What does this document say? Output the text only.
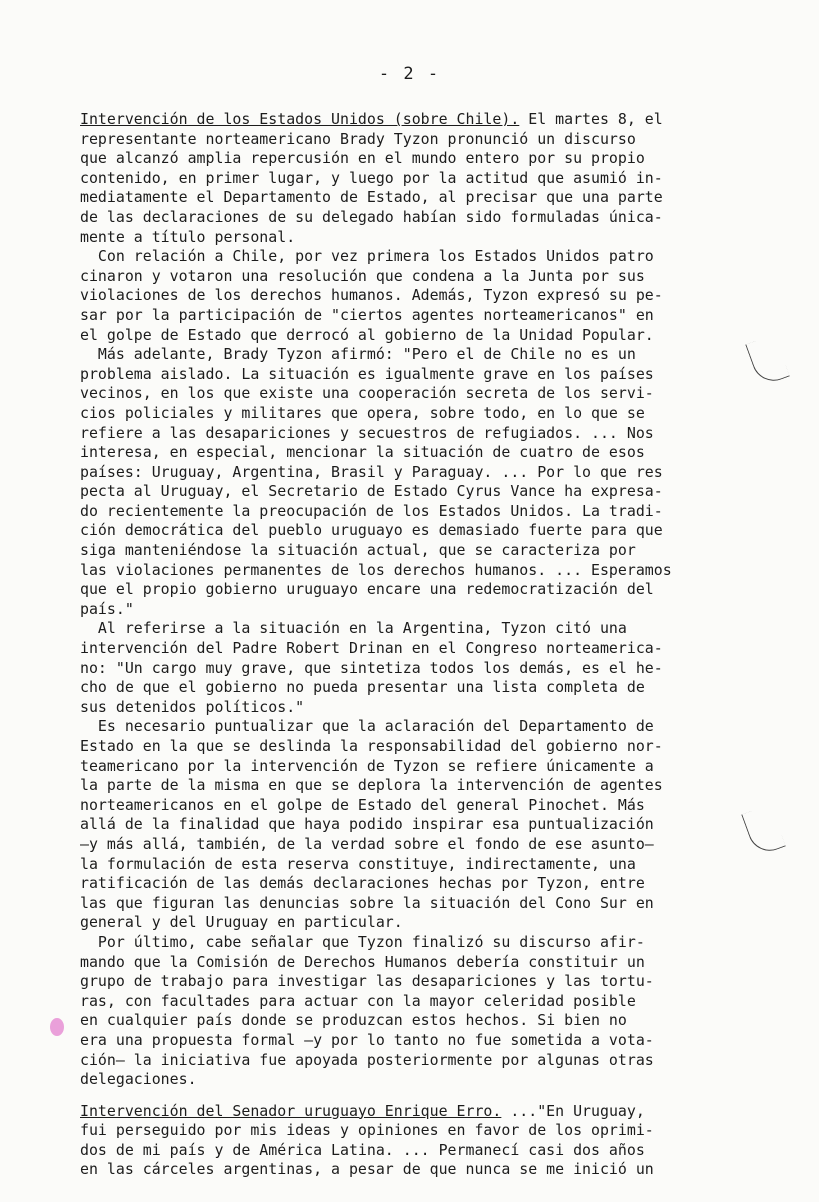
- 2 -
Intervención de los Estados Unidos (sobre Chile). El martes 8, el
representante norteamericano Brady Tyzon pronunció un discurso
que alcanzó amplia repercusión en el mundo entero por su propio
contenido, en primer lugar, y luego por la actitud que asumió in-
mediatamente el Departamento de Estado, al precisar que una parte
de las declaraciones de su delegado habían sido formuladas única-
mente a título personal.
Con relación a Chile, por vez primera los Estados Unidos patro
cinaron y votaron una resolución que condena a la Junta por sus
violaciones de los derechos humanos. Además, Tyzon expresó su pe-
sar por la participación de "ciertos agentes norteamericanos" en
el golpe de Estado que derrocó al gobierno de la Unidad Popular.
Más adelante, Brady Tyzon afirmó: "Pero el de Chile no es un
problema aislado. La situación es igualmente grave en los países
vecinos, en los que existe una cooperación secreta de los servi-
cios policiales y militares que opera, sobre todo, en lo que se
refiere a las desapariciones y secuestros de refugiados. ... Nos
interesa, en especial, mencionar la situación de cuatro de esos
países: Uruguay, Argentina, Brasil y Paraguay. ... Por lo que res
pecta al Uruguay, el Secretario de Estado Cyrus Vance ha expresa-
do recientemente la preocupación de los Estados Unidos. La tradi-
ción democrática del pueblo uruguayo es demasiado fuerte para que
siga manteniéndose la situación actual, que se caracteriza por
las violaciones permanentes de los derechos humanos. ... Esperamos
que el propio gobierno uruguayo encare una redemocratización del
país."
Al referirse a la situación en la Argentina, Tyzon citó una
intervención del Padre Robert Drinan en el Congreso norteamerica-
no: "Un cargo muy grave, que sintetiza todos los demás, es el he-
cho de que el gobierno no pueda presentar una lista completa de
sus detenidos políticos."
Es necesario puntualizar que la aclaración del Departamento de
Estado en la que se deslinda la responsabilidad del gobierno nor-
teamericano por la intervención de Tyzon se refiere únicamente a
la parte de la misma en que se deplora la intervención de agentes
norteamericanos en el golpe de Estado del general Pinochet. Más
allá de la finalidad que haya podido inspirar esa puntualización
—y más allá, también, de la verdad sobre el fondo de ese asunto—
la formulación de esta reserva constituye, indirectamente, una
ratificación de las demás declaraciones hechas por Tyzon, entre
las que figuran las denuncias sobre la situación del Cono Sur en
general y del Uruguay en particular.
Por último, cabe señalar que Tyzon finalizó su discurso afir-
mando que la Comisión de Derechos Humanos debería constituir un
grupo de trabajo para investigar las desapariciones y las tortu-
ras, con facultades para actuar con la mayor celeridad posible
en cualquier país donde se produzcan estos hechos. Si bien no
era una propuesta formal —y por lo tanto no fue sometida a vota-
ción— la iniciativa fue apoyada posteriormente por algunas otras
delegaciones.
Intervención del Senador uruguayo Enrique Erro. ..."En Uruguay,
fui perseguido por mis ideas y opiniones en favor de los oprimi-
dos de mi país y de América Latina. ... Permanecí casi dos años
en las cárceles argentinas, a pesar de que nunca se me inició un
